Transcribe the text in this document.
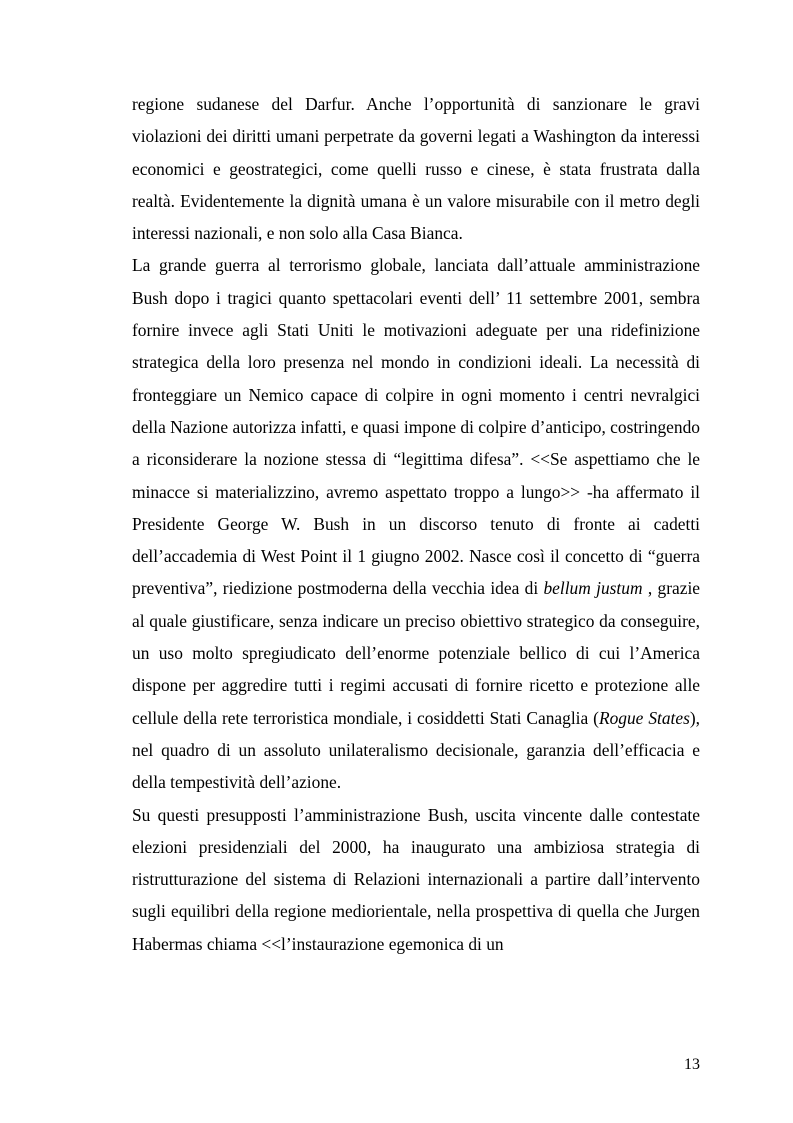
regione sudanese del Darfur. Anche l’opportunità di sanzionare le gravi violazioni dei diritti umani perpetrate da governi legati a Washington da interessi economici e geostrategici, come quelli russo e cinese, è stata frustrata dalla realtà. Evidentemente la dignità umana è un valore misurabile con il metro degli interessi nazionali, e non solo alla Casa Bianca.

La grande guerra al terrorismo globale, lanciata dall’attuale amministrazione Bush dopo i tragici quanto spettacolari eventi dell’ 11 settembre 2001, sembra fornire invece agli Stati Uniti le motivazioni adeguate per una ridefinizione strategica della loro presenza nel mondo in condizioni ideali. La necessità di fronteggiare un Nemico capace di colpire in ogni momento i centri nevralgici della Nazione autorizza infatti, e quasi impone di colpire d’anticipo, costringendo a riconsiderare la nozione stessa di “legittima difesa”. <<Se aspettiamo che le minacce si materializzino, avremo aspettato troppo a lungo>> -ha affermato il Presidente George W. Bush in un discorso tenuto di fronte ai cadetti dell’accademia di West Point il 1 giugno 2002. Nasce così il concetto di “guerra preventiva”, riedizione postmoderna della vecchia idea di bellum justum , grazie al quale giustificare, senza indicare un preciso obiettivo strategico da conseguire, un uso molto spregiudicato dell’enorme potenziale bellico di cui l’America dispone per aggredire tutti i regimi accusati di fornire ricetto e protezione alle cellule della rete terroristica mondiale, i cosiddetti Stati Canaglia (Rogue States), nel quadro di un assoluto unilateralismo decisionale, garanzia dell’efficacia e della tempestività dell’azione.

Su questi presupposti l’amministrazione Bush, uscita vincente dalle contestate elezioni presidenziali del 2000, ha inaugurato una ambiziosa strategia di ristrutturazione del sistema di Relazioni internazionali a partire dall’intervento sugli equilibri della regione mediorientale, nella prospettiva di quella che Jurgen Habermas chiama <<l’instaurazione egemonica di un

13
